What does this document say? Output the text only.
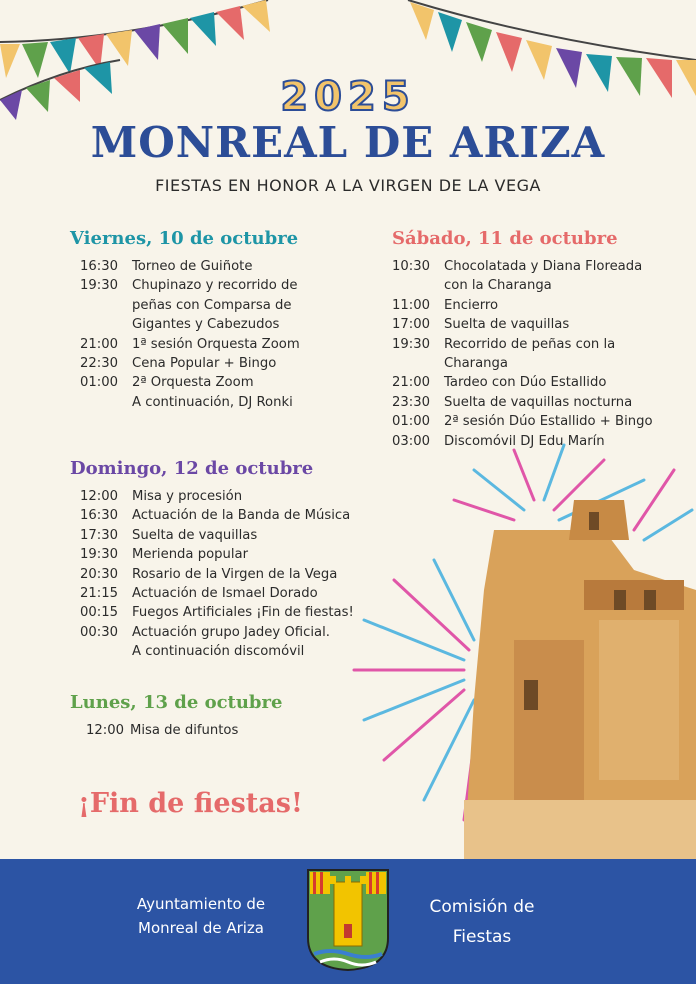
2025
MONREAL DE ARIZA
FIESTAS EN HONOR A LA VIRGEN DE LA VEGA
Viernes, 10 de octubre
16:30	Torneo de Guiñote
19:30	Chupinazo y recorrido de
peñas con Comparsa de
Gigantes y Cabezudos
21:00	1ª sesión Orquesta Zoom
22:30	Cena Popular + Bingo
01:00	2ª Orquesta Zoom
A continuación, DJ Ronki
Sábado, 11 de octubre
10:30	Chocolatada y Diana Floreada
con la Charanga
11:00	Encierro
17:00	Suelta de vaquillas
19:30	Recorrido de peñas con la
Charanga
21:00	Tardeo con Dúo Estallido
23:30	Suelta de vaquillas nocturna
01:00	2ª sesión Dúo Estallido + Bingo
03:00	Discomóvil DJ Edu Marín
Domingo, 12 de octubre
12:00	Misa y procesión
16:30	Actuación de la Banda de Música
17:30	Suelta de vaquillas
19:30	Merienda popular
20:30	Rosario de la Virgen de la Vega
21:15	Actuación de Ismael Dorado
00:15	Fuegos Artificiales ¡Fin de fiestas!
00:30	Actuación grupo Jadey Oficial.
A continuación discomóvil
Lunes, 13 de octubre
12:00 Misa de difuntos
¡Fin de fiestas!
Ayuntamiento de
Monreal de Ariza
Comisión de
Fiestas
